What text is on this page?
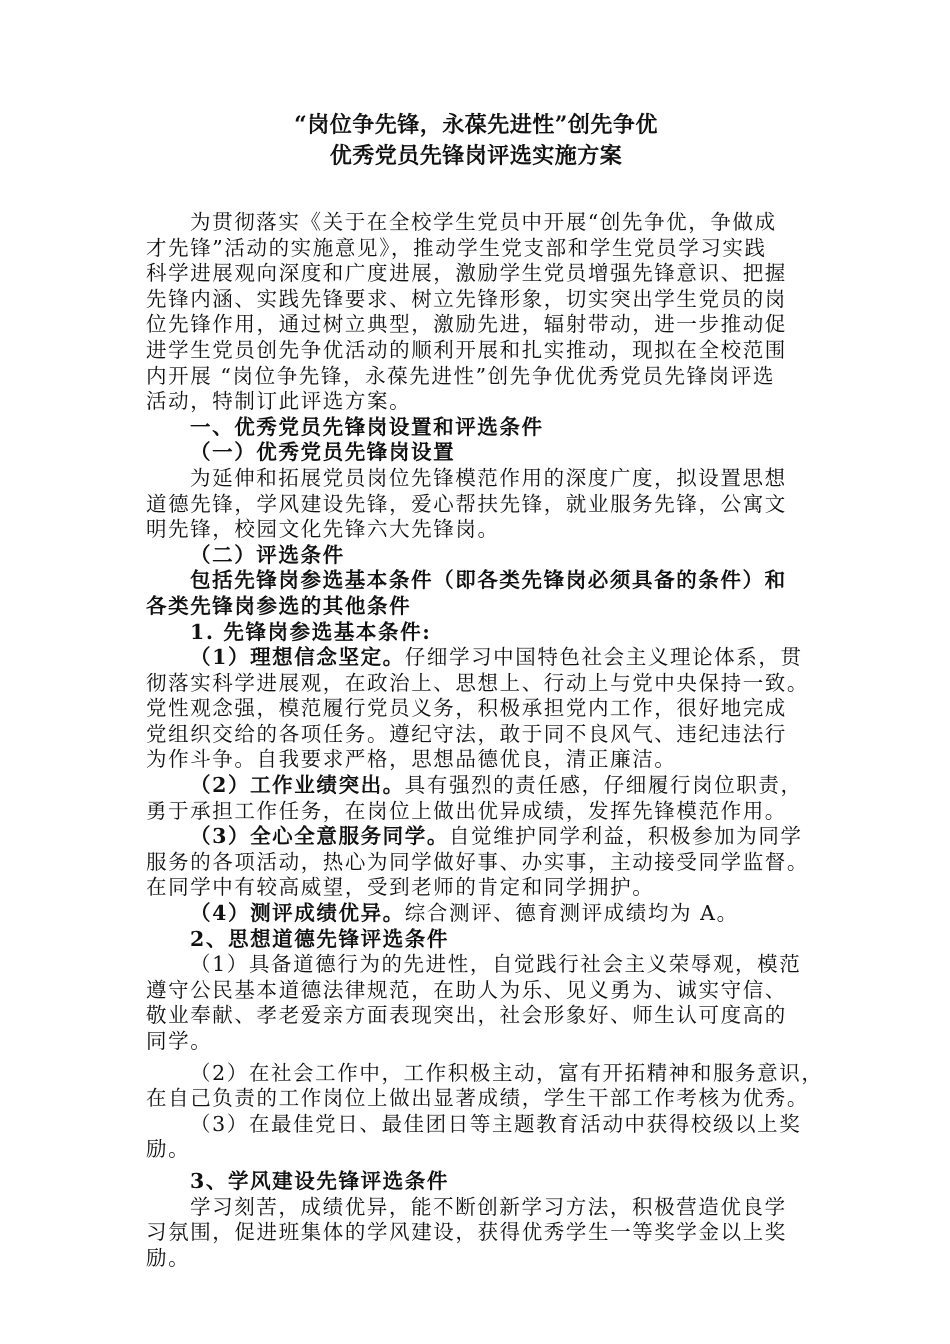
“岗位争先锋，永葆先进性”创先争优

优秀党员先锋岗评选实施方案

为贯彻落实《关于在全校学生党员中开展“创先争优，争做成

才先锋”活动的实施意见》，推动学生党支部和学生党员学习实践

科学进展观向深度和广度进展，激励学生党员增强先锋意识、把握

先锋内涵、实践先锋要求、树立先锋形象，切实突出学生党员的岗

位先锋作用，通过树立典型，激励先进，辐射带动，进一步推动促

进学生党员创先争优活动的顺利开展和扎实推动，现拟在全校范围

内开展 “岗位争先锋，永葆先进性”创先争优优秀党员先锋岗评选

活动，特制订此评选方案。

一、优秀党员先锋岗设置和评选条件

（一）优秀党员先锋岗设置

为延伸和拓展党员岗位先锋模范作用的深度广度，拟设置思想

道德先锋，学风建设先锋，爱心帮扶先锋，就业服务先锋，公寓文

明先锋，校园文化先锋六大先锋岗。

（二）评选条件

包括先锋岗参选基本条件（即各类先锋岗必须具备的条件）和

各类先锋岗参选的其他条件

1. 先锋岗参选基本条件:

（1）理想信念坚定。仔细学习中国特色社会主义理论体系，贯

彻落实科学进展观，在政治上、思想上、行动上与党中央保持一致。

党性观念强，模范履行党员义务，积极承担党内工作，很好地完成

党组织交给的各项任务。遵纪守法，敢于同不良风气、违纪违法行

为作斗争。自我要求严格，思想品德优良，清正廉洁。

（2）工作业绩突出。具有强烈的责任感，仔细履行岗位职责，

勇于承担工作任务，在岗位上做出优异成绩，发挥先锋模范作用。

（3）全心全意服务同学。自觉维护同学利益，积极参加为同学

服务的各项活动，热心为同学做好事、办实事，主动接受同学监督。

在同学中有较高威望，受到老师的肯定和同学拥护。

（4）测评成绩优异。综合测评、德育测评成绩均为 A。

2、思想道德先锋评选条件

（1）具备道德行为的先进性，自觉践行社会主义荣辱观，模范

遵守公民基本道德法律规范，在助人为乐、见义勇为、诚实守信、

敬业奉献、孝老爱亲方面表现突出，社会形象好、师生认可度高的

同学。

（2）在社会工作中，工作积极主动，富有开拓精神和服务意识，

在自己负责的工作岗位上做出显著成绩，学生干部工作考核为优秀。

（3）在最佳党日、最佳团日等主题教育活动中获得校级以上奖

励。

3、学风建设先锋评选条件

学习刻苦，成绩优异，能不断创新学习方法，积极营造优良学

习氛围，促进班集体的学风建设，获得优秀学生一等奖学金以上奖

励。
